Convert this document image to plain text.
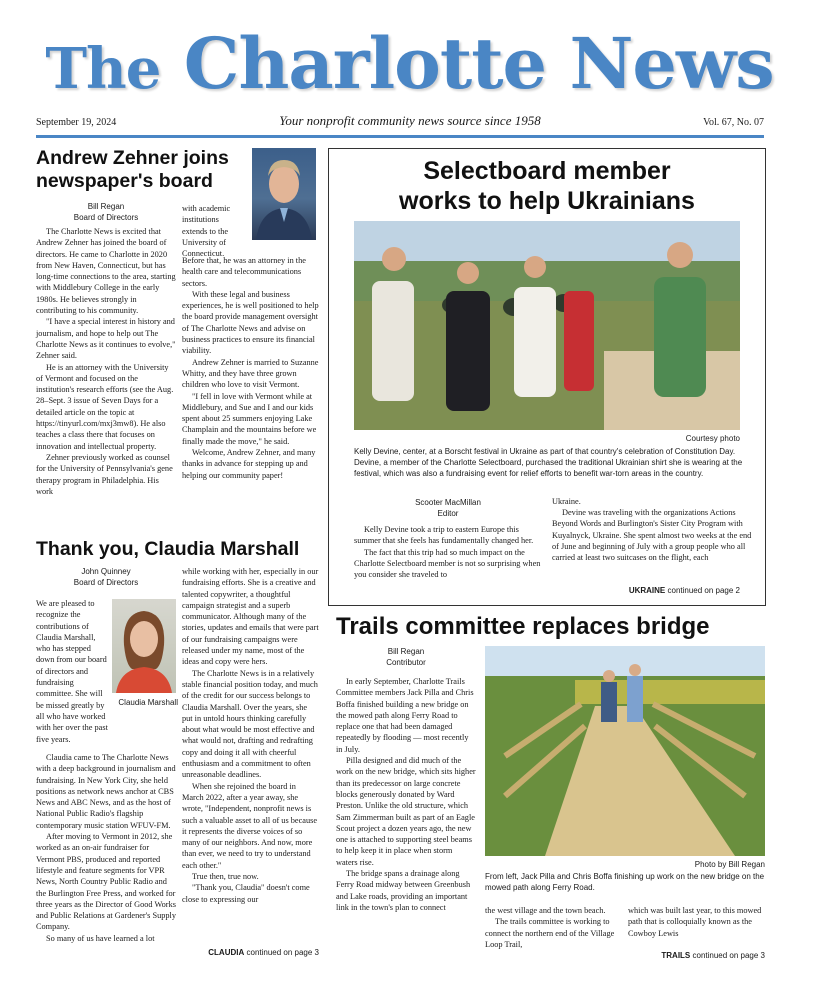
The Charlotte News
September 19, 2024	Your nonprofit community news source since 1958	Vol. 67, No. 07
Andrew Zehner joins newspaper's board
Bill Regan
Board of Directors

The Charlotte News is excited that Andrew Zehner has joined the board of directors. He came to Charlotte in 2020 from New Haven, Connecticut, but has long-time connections to the area, starting with Middlebury College in the early 1980s. He believes strongly in contributing to his community.

"I have a special interest in history and journalism, and hope to help out The Charlotte News as it continues to evolve," Zehner said.

He is an attorney with the University of Vermont and focused on the institution's research efforts (see the Aug. 28–Sept. 3 issue of Seven Days for a detailed article on the topic at https://tinyurl.com/mxj3mw8). He also teaches a class there that focuses on innovation and intellectual property.

Zehner previously worked as counsel for the University of Pennsylvania's gene therapy program in Philadelphia. His work

with academic institutions extends to the University of Connecticut.

Before that, he was an attorney in the health care and telecommunications sectors.

With these legal and business experiences, he is well positioned to help the board provide management oversight of The Charlotte News and advise on business practices to ensure its financial viability.

Andrew Zehner is married to Suzanne Whitty, and they have three grown children who love to visit Vermont.

"I fell in love with Vermont while at Middlebury, and Sue and I and our kids spent about 25 summers enjoying Lake Champlain and the mountains before we finally made the move," he said.

Welcome, Andrew Zehner, and many thanks in advance for stepping up and helping our community paper!

Thank you, Claudia Marshall
John Quinney
Board of Directors
We are pleased to recognize the contributions of Claudia Marshall, who has stepped down from our board of directors and fundraising committee. She will be missed greatly by all who have worked with her over the past five years.
Claudia Marshall

Claudia came to The Charlotte News with a deep background in journalism and fundraising. In New York City, she held positions as network news anchor at CBS News and ABC News, and as the host of National Public Radio's flagship contemporary music station WFUV-FM.

After moving to Vermont in 2012, she worked as an on-air fundraiser for Vermont PBS, produced and reported lifestyle and feature segments for VPR News, North Country Public Radio and the Burlington Free Press, and worked for three years as the Director of Good Works and Public Relations at Gardener's Supply Company.

So many of us have learned a lot

while working with her, especially in our fundraising efforts. She is a creative and talented copywriter, a thoughtful campaign strategist and a superb communicator. Although many of the stories, updates and emails that were part of our fundraising campaigns were released under my name, most of the ideas and copy were hers.

The Charlotte News is in a relatively stable financial position today, and much of the credit for our success belongs to Claudia Marshall. Over the years, she put in untold hours thinking carefully about what would be most effective and what would not, drafting and redrafting copy and doing it all with cheerful enthusiasm and a commitment to often unreasonable deadlines.

When she rejoined the board in March 2022, after a year away, she wrote, "Independent, nonprofit news is such a valuable asset to all of us because it represents the diverse voices of so many of our neighbors. And now, more than ever, we need to try to understand each other."

True then, true now.

"Thank you, Claudia" doesn't come close to expressing our

CLAUDIA continued on page 3
Selectboard member
works to help Ukrainians
Courtesy photo
Kelly Devine, center, at a Borscht festival in Ukraine as part of that country's celebration of Constitution Day. Devine, a member of the Charlotte Selectboard, purchased the traditional Ukrainian shirt she is wearing at the festival, which was also a fundraising event for relief efforts to benefit war-torn areas in the country.
Scooter MacMillan
Editor

Kelly Devine took a trip to eastern Europe this summer that she feels has fundamentally changed her.

The fact that this trip had so much impact on the Charlotte Selectboard member is not so surprising when you consider she traveled to

Ukraine.

Devine was traveling with the organizations Actions Beyond Words and Burlington's Sister City Program with Kuyalnyck, Ukraine. She spent almost two weeks at the end of June and beginning of July with a group people who all carried at least two suitcases on the flight, each

UKRAINE continued on page 2
Trails committee replaces bridge
Bill Regan
Contributor

In early September, Charlotte Trails Committee members Jack Pilla and Chris Boffa finished building a new bridge on the mowed path along Ferry Road to replace one that had been damaged repeatedly by flooding — most recently in July.

Pilla designed and did much of the work on the new bridge, which sits higher than its predecessor on large concrete blocks generously donated by Ward Preston. Unlike the old structure, which Sam Zimmerman built as part of an Eagle Scout project a dozen years ago, the new one is attached to supporting steel beams to help keep it in place when storm waters rise.

The bridge spans a drainage along Ferry Road midway between Greenbush and Lake roads, providing an important link in the town's plan to connect

Photo by Bill Regan
From left, Jack Pilla and Chris Boffa finishing up work on the new bridge on the mowed path along Ferry Road.

the west village and the town beach.

The trails committee is working to connect the northern end of the Village Loop Trail,

which was built last year, to this mowed path that is colloquially known as the Cowboy Lewis

TRAILS continued on page 3
